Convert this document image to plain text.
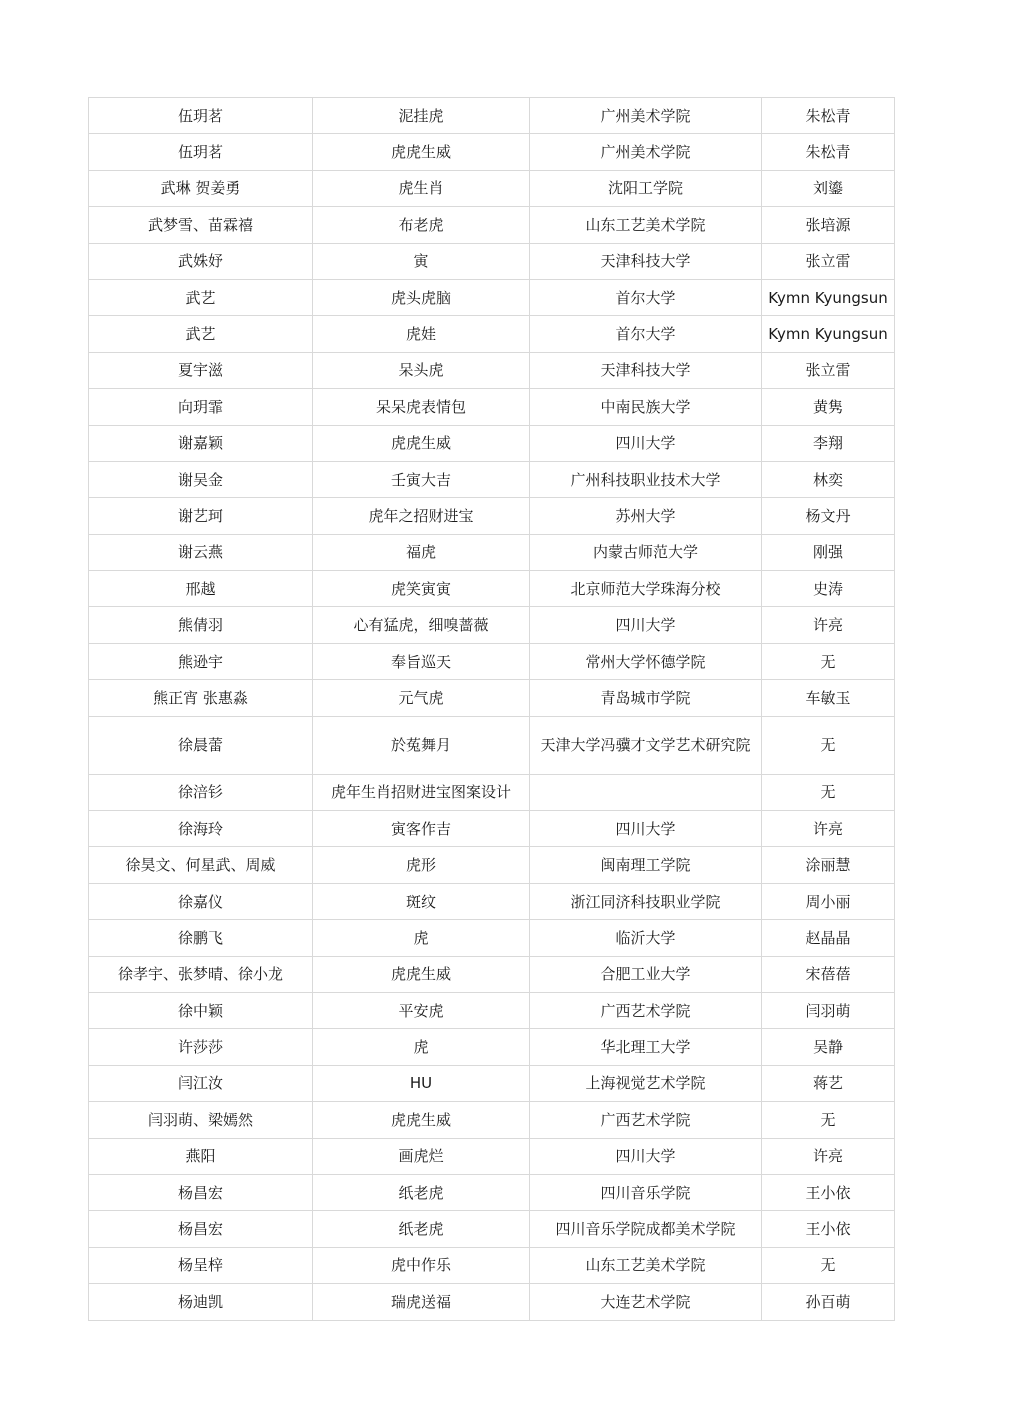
伍玥茗	泥挂虎	广州美术学院	朱松青
伍玥茗	虎虎生威	广州美术学院	朱松青
武琳 贺姜勇	虎生肖	沈阳工学院	刘鎏
武梦雪、苗霖禧	布老虎	山东工艺美术学院	张培源
武姝妤	寅	天津科技大学	张立雷
武艺	虎头虎脑	首尔大学	Kymn Kyungsun
武艺	虎娃	首尔大学	Kymn Kyungsun
夏宇滋	呆头虎	天津科技大学	张立雷
向玥霏	呆呆虎表情包	中南民族大学	黄隽
谢嘉颖	虎虎生威	四川大学	李翔
谢吴金	壬寅大吉	广州科技职业技术大学	林奕
谢艺珂	虎年之招财进宝	苏州大学	杨文丹
谢云燕	福虎	内蒙古师范大学	刚强
邢越	虎笑寅寅	北京师范大学珠海分校	史涛
熊倩羽	心有猛虎，细嗅蔷薇	四川大学	许亮
熊逊宇	奉旨巡天	常州大学怀德学院	无
熊正宵 张惠淼	元气虎	青岛城市学院	车敏玉
徐晨蕾	於菟舞月	天津大学冯骥才文学艺术研究院	无
徐涪钐	虎年生肖招财进宝图案设计		无
徐海玲	寅客作吉	四川大学	许亮
徐昊文、何星武、周威	虎形	闽南理工学院	涂丽慧
徐嘉仪	斑纹	浙江同济科技职业学院	周小丽
徐鹏飞	虎	临沂大学	赵晶晶
徐孝宇、张梦晴、徐小龙	虎虎生威	合肥工业大学	宋蓓蓓
徐中颖	平安虎	广西艺术学院	闫羽萌
许莎莎	虎	华北理工大学	吴静
闫江汝	HU	上海视觉艺术学院	蒋艺
闫羽萌、梁嫣然	虎虎生威	广西艺术学院	无
燕阳	画虎烂	四川大学	许亮
杨昌宏	纸老虎	四川音乐学院	王小依
杨昌宏	纸老虎	四川音乐学院成都美术学院	王小依
杨呈梓	虎中作乐	山东工艺美术学院	无
杨迪凯	瑞虎送福	大连艺术学院	孙百萌
